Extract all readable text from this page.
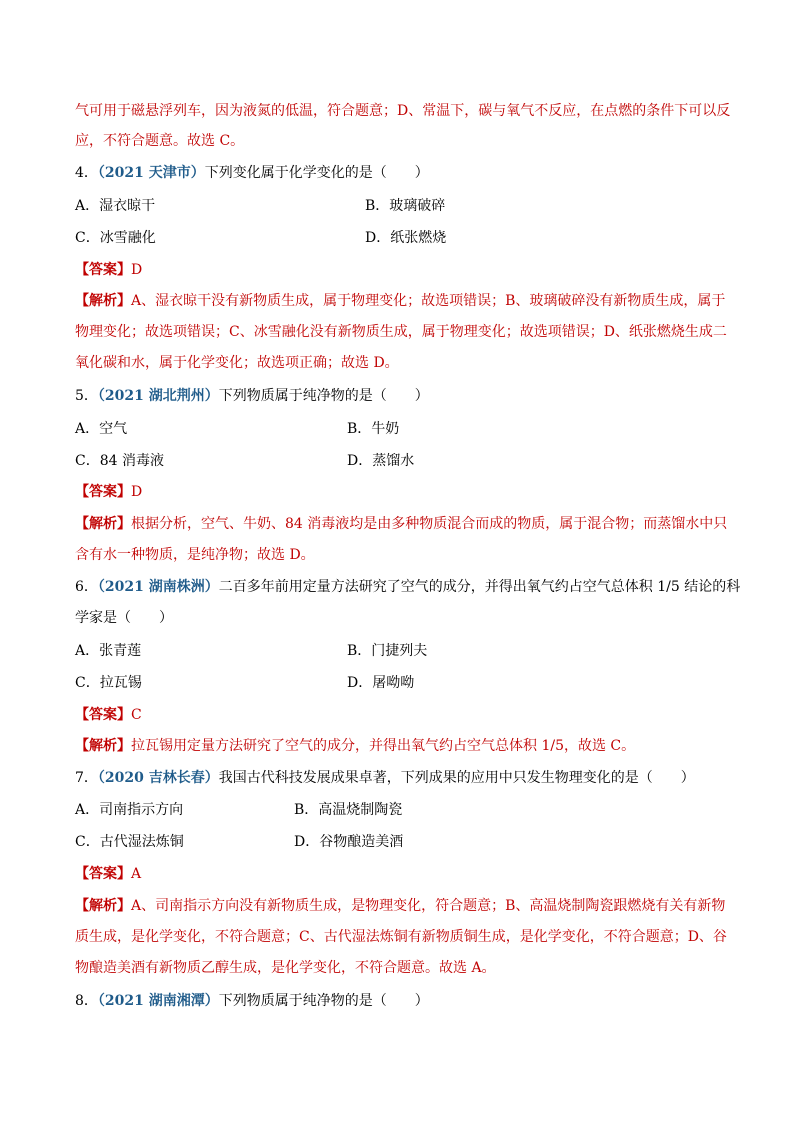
气可用于磁悬浮列车，因为液氮的低温，符合题意；D、常温下，碳与氧气不反应，在点燃的条件下可以反
应，不符合题意。故选 C。
4．（2021 天津市）下列变化属于化学变化的是（　　）
A．湿衣晾干	B．玻璃破碎
C．冰雪融化	D．纸张燃烧
【答案】D
【解析】A、湿衣晾干没有新物质生成，属于物理变化；故选项错误；B、玻璃破碎没有新物质生成，属于
物理变化；故选项错误；C、冰雪融化没有新物质生成，属于物理变化；故选项错误；D、纸张燃烧生成二
氧化碳和水，属于化学变化；故选项正确；故选 D。
5．（2021 湖北荆州）下列物质属于纯净物的是（　　）
A．空气	B．牛奶
C．84 消毒液	D．蒸馏水
【答案】D
【解析】根据分析，空气、牛奶、84 消毒液均是由多种物质混合而成的物质，属于混合物；而蒸馏水中只
含有水一种物质，是纯净物；故选 D。
6．（2021 湖南株洲）二百多年前用定量方法研究了空气的成分，并得出氧气约占空气总体积 1/5 结论的科
学家是（　　）
A．张青莲	B．门捷列夫
C．拉瓦锡	D．屠呦呦
【答案】C
【解析】拉瓦锡用定量方法研究了空气的成分，并得出氧气约占空气总体积 1/5，故选 C。
7．（2020 吉林长春）我国古代科技发展成果卓著，下列成果的应用中只发生物理变化的是（　　）
A．司南指示方向	B．高温烧制陶瓷
C．古代湿法炼铜	D．谷物酿造美酒
【答案】A
【解析】A、司南指示方向没有新物质生成，是物理变化，符合题意；B、高温烧制陶瓷跟燃烧有关有新物
质生成，是化学变化，不符合题意；C、古代湿法炼铜有新物质铜生成，是化学变化，不符合题意；D、谷
物酿造美酒有新物质乙醇生成，是化学变化，不符合题意。故选 A。
8．（2021 湖南湘潭）下列物质属于纯净物的是（　　）
